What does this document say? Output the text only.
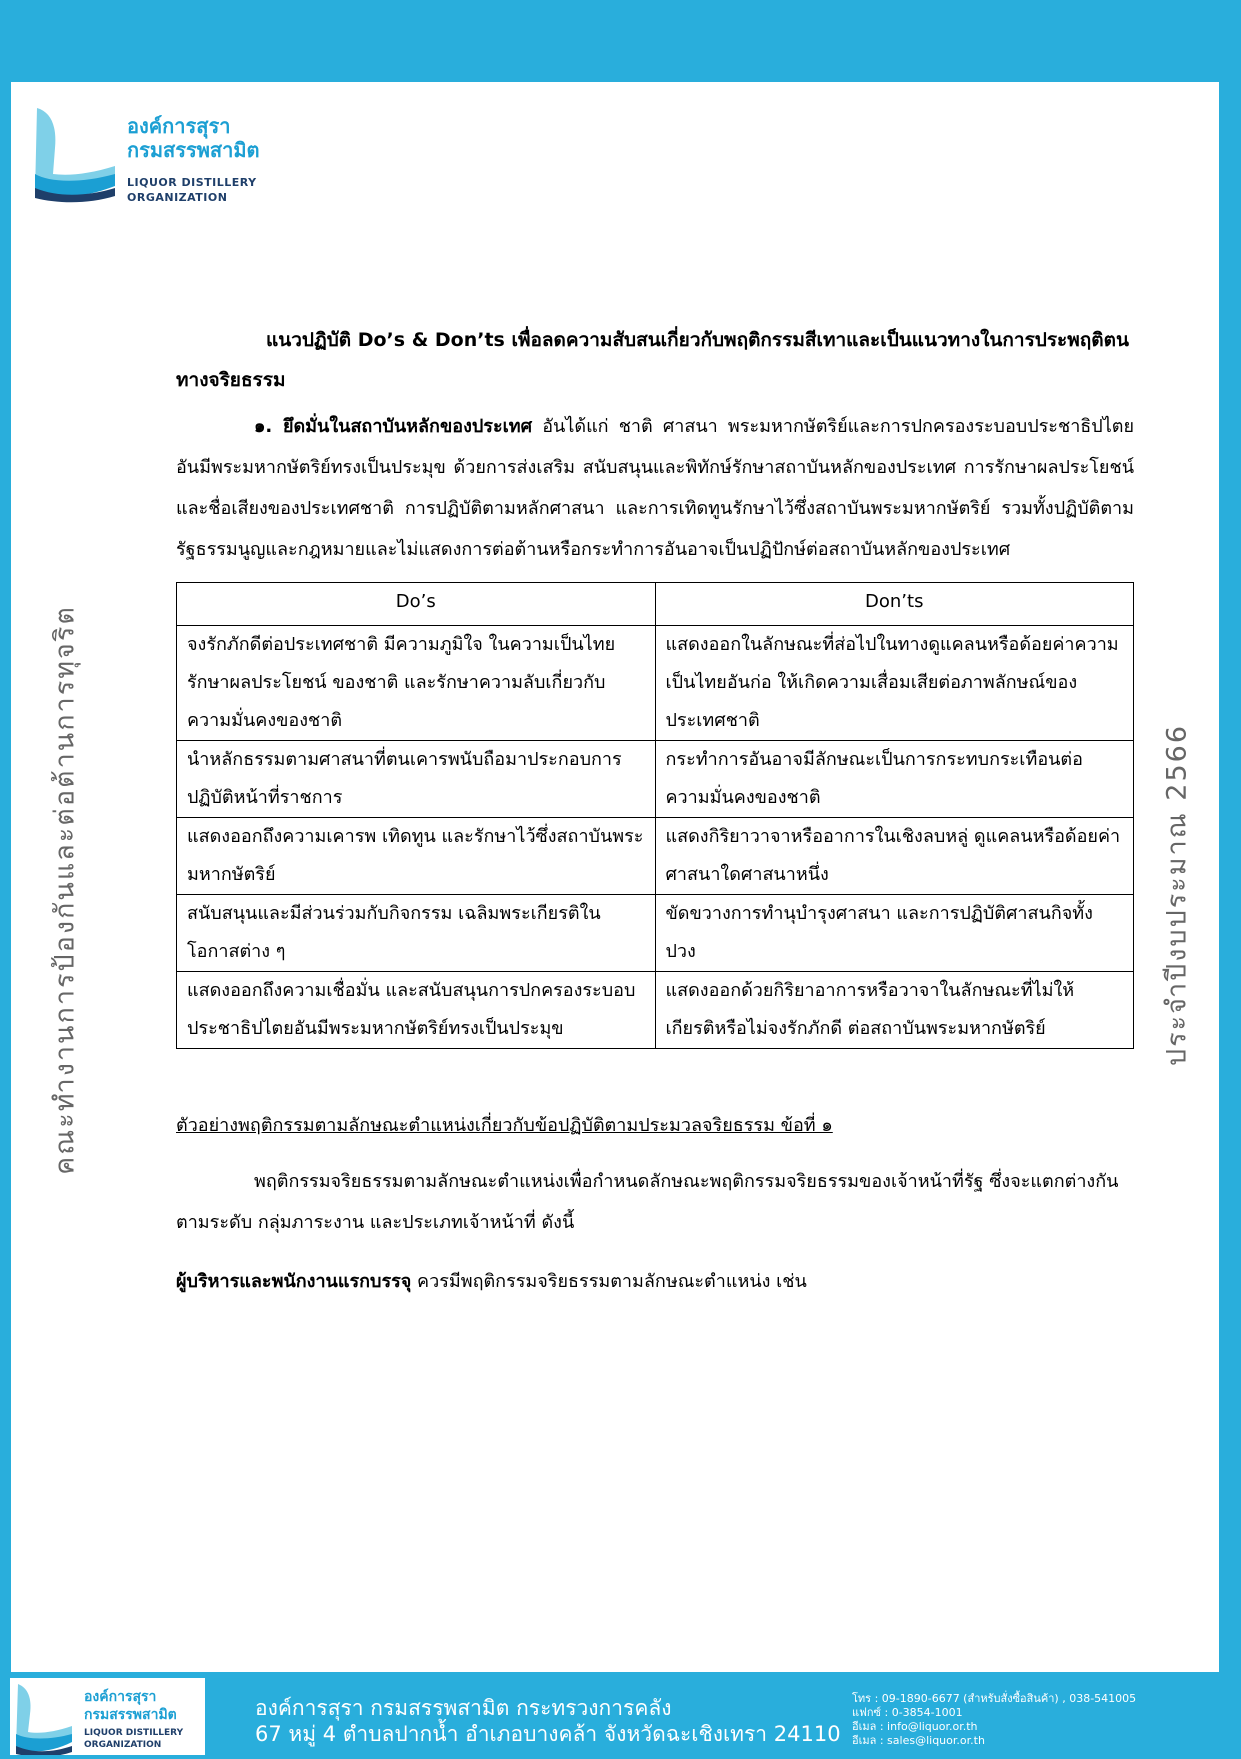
องค์การสุรา
กรมสรรพสามิต
LIQUOR DISTILLERY
ORGANIZATION

แนวปฏิบัติ Do’s & Don’ts เพื่อลดความสับสนเกี่ยวกับพฤติกรรมสีเทาและเป็นแนวทางในการประพฤติตนทางจริยธรรม

๑. ยึดมั่นในสถาบันหลักของประเทศ อันได้แก่ ชาติ ศาสนา พระมหากษัตริย์และการปกครองระบอบประชาธิปไตยอันมีพระมหากษัตริย์ทรงเป็นประมุข ด้วยการส่งเสริม สนับสนุนและพิทักษ์รักษาสถาบันหลักของประเทศ การรักษาผลประโยชน์และชื่อเสียงของประเทศชาติ การปฏิบัติตามหลักศาสนา และการเทิดทูนรักษาไว้ซึ่งสถาบันพระมหากษัตริย์ รวมทั้งปฏิบัติตามรัฐธรรมนูญและกฎหมายและไม่แสดงการต่อต้านหรือกระทำการอันอาจเป็นปฏิปักษ์ต่อสถาบันหลักของประเทศ

Do’s	Don’ts
จงรักภักดีต่อประเทศชาติ มีความภูมิใจ ในความเป็นไทย รักษาผลประโยชน์ ของชาติ และรักษาความลับเกี่ยวกับ ความมั่นคงของชาติ	แสดงออกในลักษณะที่ส่อไปในทางดูแคลนหรือด้อยค่าความเป็นไทยอันก่อ ให้เกิดความเสื่อมเสียต่อภาพลักษณ์ของประเทศชาติ
นำหลักธรรมตามศาสนาที่ตนเคารพนับถือมาประกอบการปฏิบัติหน้าที่ราชการ	กระทำการอันอาจมีลักษณะเป็นการกระทบกระเทือนต่อความมั่นคงของชาติ
แสดงออกถึงความเคารพ เทิดทูน และรักษาไว้ซึ่งสถาบันพระมหากษัตริย์	แสดงกิริยาวาจาหรืออาการในเชิงลบหลู่ ดูแคลนหรือด้อยค่าศาสนาใดศาสนาหนึ่ง
สนับสนุนและมีส่วนร่วมกับกิจกรรม เฉลิมพระเกียรติในโอกาสต่าง ๆ	ขัดขวางการทำนุบำรุงศาสนา และการปฏิบัติศาสนกิจทั้งปวง
แสดงออกถึงความเชื่อมั่น และสนับสนุนการปกครองระบอบประชาธิปไตยอันมีพระมหากษัตริย์ทรงเป็นประมุข	แสดงออกด้วยกิริยาอาการหรือวาจาในลักษณะที่ไม่ให้เกียรติหรือไม่จงรักภักดี ต่อสถาบันพระมหากษัตริย์

ตัวอย่างพฤติกรรมตามลักษณะตำแหน่งเกี่ยวกับข้อปฏิบัติตามประมวลจริยธรรม ข้อที่ ๑

พฤติกรรมจริยธรรมตามลักษณะตำแหน่งเพื่อกำหนดลักษณะพฤติกรรมจริยธรรมของเจ้าหน้าที่รัฐ ซึ่งจะแตกต่างกันตามระดับ กลุ่มภาระงาน และประเภทเจ้าหน้าที่ ดังนี้

ผู้บริหารและพนักงานแรกบรรจุ ควรมีพฤติกรรมจริยธรรมตามลักษณะตำแหน่ง เช่น

คณะทำงานการป้องกันและต่อต้านการทุจริต	ประจำปีงบประมาณ 2566
องค์การสุรา
กรมสรรพสามิต
LIQUOR DISTILLERY
ORGANIZATION
องค์การสุรา กรมสรรพสามิต กระทรวงการคลัง
67 หมู่ 4 ตำบลปากน้ำ อำเภอบางคล้า จังหวัดฉะเชิงเทรา 24110
โทร : 09-1890-6677 (สำหรับสั่งซื้อสินค้า) , 038-541005
แฟกซ์ : 0-3854-1001
อีเมล : info@liquor.or.th
อีเมล : sales@liquor.or.th
